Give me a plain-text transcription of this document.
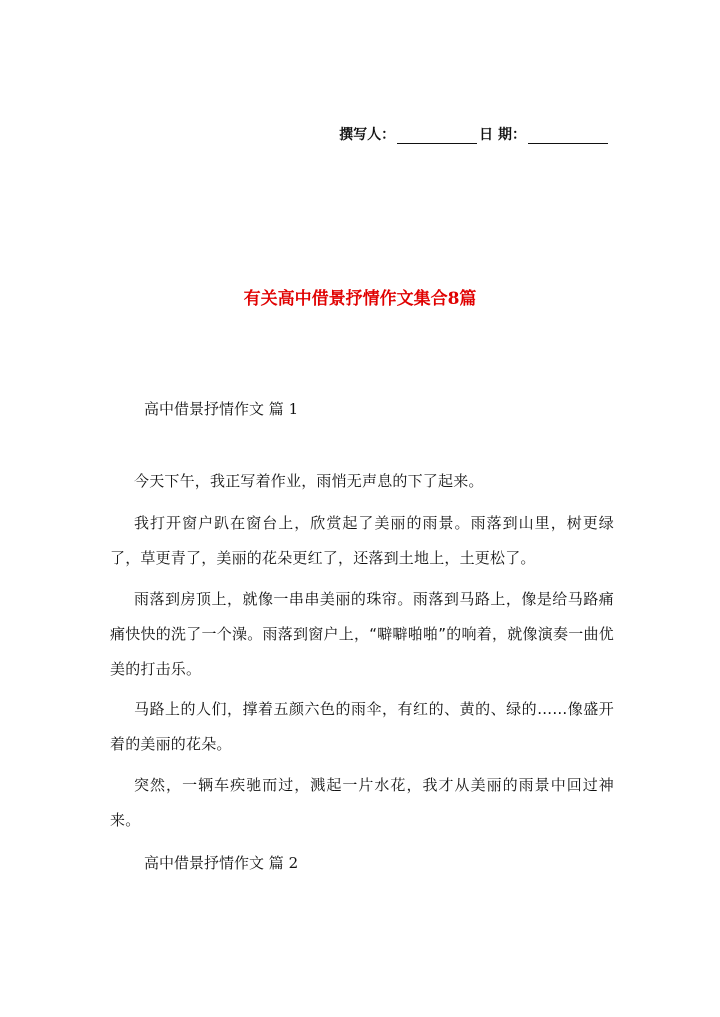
撰写人：	日 期：
有关高中借景抒情作文集合8篇
高中借景抒情作文 篇 1
今天下午，我正写着作业，雨悄无声息的下了起来。
我打开窗户趴在窗台上，欣赏起了美丽的雨景。雨落到山里，树更绿了，草更青了，美丽的花朵更红了，还落到土地上，土更松了。
雨落到房顶上，就像一串串美丽的珠帘。雨落到马路上，像是给马路痛痛快快的洗了一个澡。雨落到窗户上，“噼噼啪啪”的响着，就像演奏一曲优美的打击乐。
马路上的人们，撑着五颜六色的雨伞，有红的、黄的、绿的……像盛开着的美丽的花朵。
突然，一辆车疾驰而过，溅起一片水花，我才从美丽的雨景中回过神来。
高中借景抒情作文 篇 2
